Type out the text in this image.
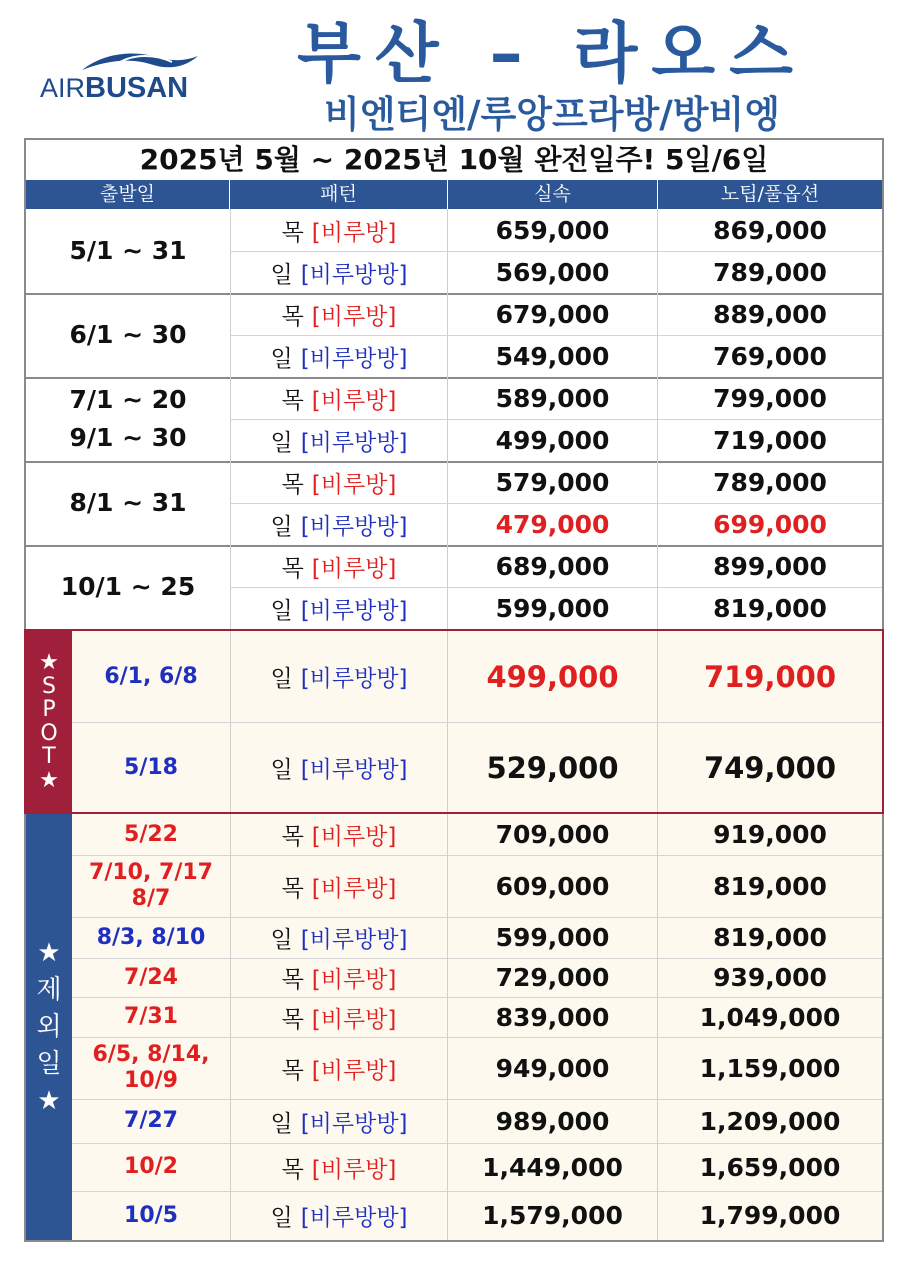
AIRBUSAN	부산 – 라오스
비엔티엔/루앙프라방/방비엥
2025년 5월 ~ 2025년 10월 완전일주! 5일/6일
출발일	패턴	실속	노팁/풀옵션
5/1 ~ 31
목 [비루방]	659,000	869,000
일 [비루방방]	569,000	789,000
6/1 ~ 30
목 [비루방]	679,000	889,000
일 [비루방방]	549,000	769,000
7/1 ~ 20
9/1 ~ 30
목 [비루방]	589,000	799,000
일 [비루방방]	499,000	719,000
8/1 ~ 31
목 [비루방]	579,000	789,000
일 [비루방방]	479,000	699,000
10/1 ~ 25
목 [비루방]	689,000	899,000
일 [비루방방]	599,000	819,000
★
S
P
O
T
★
6/1, 6/8	일 [비루방방]	499,000	719,000
5/18	일 [비루방방]	529,000	749,000
★
제
외
일
★
5/22	목 [비루방]	709,000	919,000
7/10, 7/17
8/7	목 [비루방]	609,000	819,000
8/3, 8/10	일 [비루방방]	599,000	819,000
7/24	목 [비루방]	729,000	939,000
7/31	목 [비루방]	839,000	1,049,000
6/5, 8/14,
10/9	목 [비루방]	949,000	1,159,000
7/27	일 [비루방방]	989,000	1,209,000
10/2	목 [비루방]	1,449,000	1,659,000
10/5	일 [비루방방]	1,579,000	1,799,000
